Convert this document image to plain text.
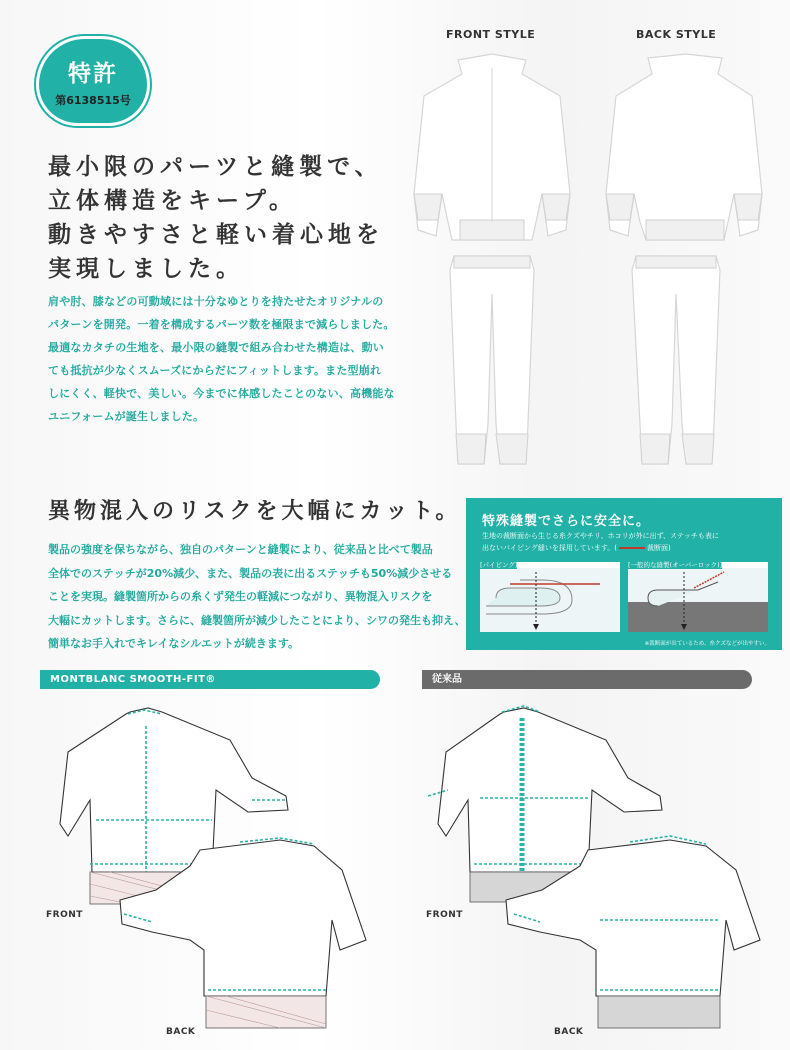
特許
第6138515号
最小限のパーツと縫製で、
立体構造をキープ。
動きやすさと軽い着心地を
実現しました。
肩や肘、膝などの可動域には十分なゆとりを持たせたオリジナルの
パターンを開発。一着を構成するパーツ数を極限まで減らしました。
最適なカタチの生地を、最小限の縫製で組み合わせた構造は、動い
ても抵抗が少なくスムーズにからだにフィットします。また型崩れ
しにくく、軽快で、美しい。今までに体感したことのない、高機能な
ユニフォームが誕生しました。
FRONT STYLE	BACK STYLE
異物混入のリスクを大幅にカット。
製品の強度を保ちながら、独自のパターンと縫製により、従来品と比べて製品
全体でのステッチが20%減少、また、製品の表に出るステッチも50%減少させる
ことを実現。縫製箇所からの糸くず発生の軽減につながり、異物混入リスクを
大幅にカットします。さらに、縫製箇所が減少したことにより、シワの発生も抑え、
簡単なお手入れでキレイなシルエットが続きます。
特殊縫製でさらに安全に。
生地の裁断面から生じる糸クズやチリ、ホコリが外に出ず、ステッチも表に
出ないパイピング縫いを採用しています。(	裁断面)
[パイピング]	[一般的な縫製(オーバーロック)]
※裁断面が出ているため、糸クズなどが出やすい。
MONTBLANC SMOOTH-FIT®	従来品
FRONT
BACK
FRONT
BACK
